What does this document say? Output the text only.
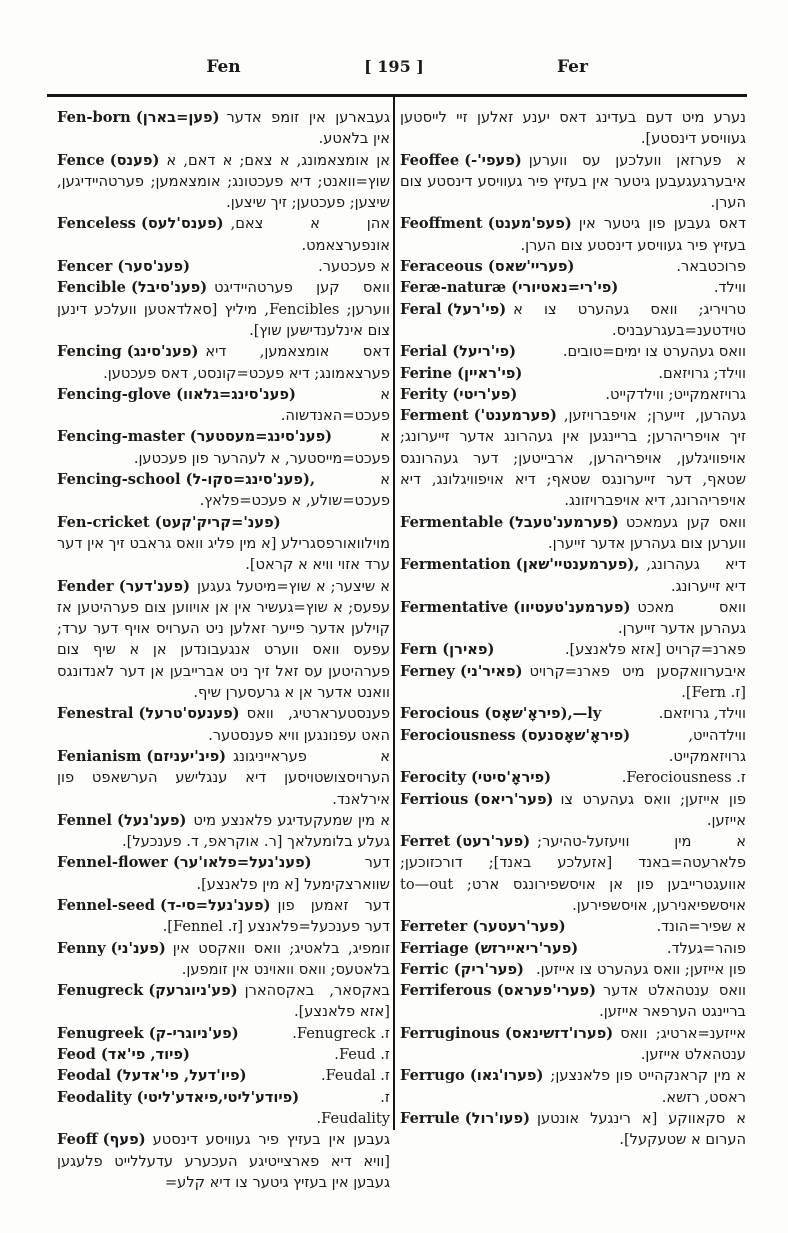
Fen	[ 195 ]	Fer

Fen-born (פען=בארן) געבארען אין זומפ אדער אין בלאטע.

Fence (פענס) אן אומצאמונג, א צאם; א דאם, א שוץ=וואנט; דיא פעכטונג; אומצאמען; פערטהיידיגען, שיצען; פעכטען; זיך שיצען.

Fenceless (פענס'לעס) אהן א צאם, אונפערצאמט.

Fencer (פענ'סער)	א פעכטער.

Fencible (פענ'סיבל) וואס קען פערטהיידיגט ווערען; Fencibles, מיליץ [סאלדאטען וועלכע דינען צום אינלענדישען שוץ].

Fencing (פענ'סינג) דאס אומצאמען, דיא פערצאמונג; דיא פעכט=קונסט, דאס פעכטען.

Fencing-glove (פענ'סינג=גלאוו)	א פעכט=האנדשוה.

Fencing-master (פענ'סינג=מעסטער)	א פעכט=מייסטער, א לעהרער פון פעכטען.

Fencing-school (פענ'סינג=סקו-ל),	א פעכט=שולע, א פעכט=פלאץ.

Fen-cricket (פענ'=קריק'קעט)
מוילוואורפסגרילע [א מין פליג וואס גראבט זיך אין דער ערד אזוי וויא א קראט].

Fender (פענ'דער) א שיצער; א שוץ=מיטעל געגען עפעס; א שוץ=געשיר אין אן אויווען צום פערהיטען אז קוילען אדער פייער זאלען ניט הערויס אויף דער ערד; עפעס וואס ווערט אנגעבונדען אן א שיף צום פערהיטען עס זאל זיך ניט אברייבען אן דער לאנדונגס וואנט אדער אן א גרעסערן שיף.

Fenestral (פענעס'טרעל) פענסטערארטיג, וואס האט עפנונגען וויא פענסטער.

Fenianism (פינ'יעניזם) א פעראייניגונג הערויסצושטויסען דיא ענגלישע הערשאפט פון אירלאנד.

Fennel (פענ'נעל) א מין שמעקעדיגע פלאנצע מיט געלע בלומעלאך [ר. אוקראפ, ד. פענכעל].

Fennel-flower (פענ'נעל=פלאו'ער)	דער שווארצקימעל [א מין פלאנצע].

Fennel-seed (פענ'נעל=סי-ד) דער זאמען פון דער פענכעל=פלאנצע [ז. Fennel].

Fenny (פענ'ני) זומפיג, בלאטיג; וואס וואקסט אין בלאטעס; וואס וואוינט אין זומפען.

Fenugreck (פע'ניוגרעק) באקסאר, באקסהארן [אזא פלאנצע].

Fenugreek (פע'ניוגרי-ק)	ז. Fenugreck.

Feod (פיוד, פי'אד)	ז. Feud.

Feodal (פיו'דעל, פי'אדעל)	ז. Feudal.

Feodality (פיודע'ליטי,פיאדע'ליטי)	ז. Feudality.

Feoff (פעף) געבען אין בעזיץ פיר געוויסע דינסטע [וויא דיא פארצייטיגע העכערע עדעללייט פלעגען געבען אין בעזיץ גיטער צו דיא קלע=

נערע מיט דעם בעדינג דאס יענע זאלען זיי לייסטען געוויסע דינסטע].

Feoffee (פעפי'-) א פערזאן וועלכען עס ווערען איבערגעגעבען גיטער אין בעזיץ פיר געוויסע דינסטע צום הערן.

Feoffment (פעפ'מענט) דאס געבען פון גיטער אין בעזיץ פיר געוויסע דינסטע צום הערן.

Feraceous (פעריי'שאס)	פרוכטבאר.

Feræ-naturæ (פי'רי=נאטיורי)	ווילד.

Feral (פי'רעל) טרויריג; וואס געהערט צו א טוידטענ=בעגרעבניס.

Ferial (פי'ריעל)	וואס געהערט צו ימים=טובים.

Ferine (פי'ראיין)	ווילד; גרויזאם.

Ferity (פע'ריטי)	גרויזאמקייט; ווילדקייט.

Ferment (פערמענט') געהרען, זייערן; אויפברויזען, זיך אויפריהרען; בריינגען אין געהרונג אדער זייערונג; אויפוויגלען, אויפריהרען, ארבייטען; דער געהרונגס שטאף, דער זייערונגס שטאף; דיא אויפוויגלונג, דיא אויפריהרונג, דיא אויפברויזונג.

Fermentable (פערמענ'טעבל) וואס קען געמאכט ווערען צום געהרען אדער זייערן.

Fermentation (פערמענטיי'שאן), דיא געהרונג, דיא זייערונג.

Fermentative (פערמענ'טעטיוו) וואס מאכט געהרען אדער זייערן.

Fern (פאירן)	פארנ=קרויט [אזא פלאנצע].

Ferney (פאיר'ני) איבערוואקסען מיט פארנ=קרויט [ז. Fern].

Ferocious (פיראָ'שאָס),—ly	ווילד, גרויזאם.

Ferociousness (פיראָ'שאָסנעס)	ווילדהייט, גרויזאמקייט.

Ferocity (פיראָ'סיטי)	ז. Ferociousness.

Ferrious (פער'ריאס) פון אייזען; וואס געהערט צו אייזען.

Ferret (פער'רעט) א מין וויעזעל-טהיער; פלארעטה=באנד [אזעלכע באנד]; דורכזוכען; אוועגטרייבען פון אן אויסשפירונגס ארט; to—out אויסשפיאנירען, אויסשפירען.

Ferreter (פער'רעטער)	א שפיר=הונד.

Ferriage (פער'ריאיירזש)	פוהר=געלד.

Ferric (פער'ריק) פון אייזען; וואס געהערט צו אייזען.

Ferriferous (פערי'פעראס) וואס ענטהאלט אדער בריינגט הערפאר אייזען.

Ferruginous (פערו'דזשינאס) אייזענ=ארטיג; וואס ענטהאלט אייזען.

Ferrugo (פערו'גאו) א מין קראנקהייט פון פלאנצען; ראסט, רזשא.

Ferrule (פעו'רול) א סקאווקע [א רינגעל אונטען הערום א שטעקעל].
